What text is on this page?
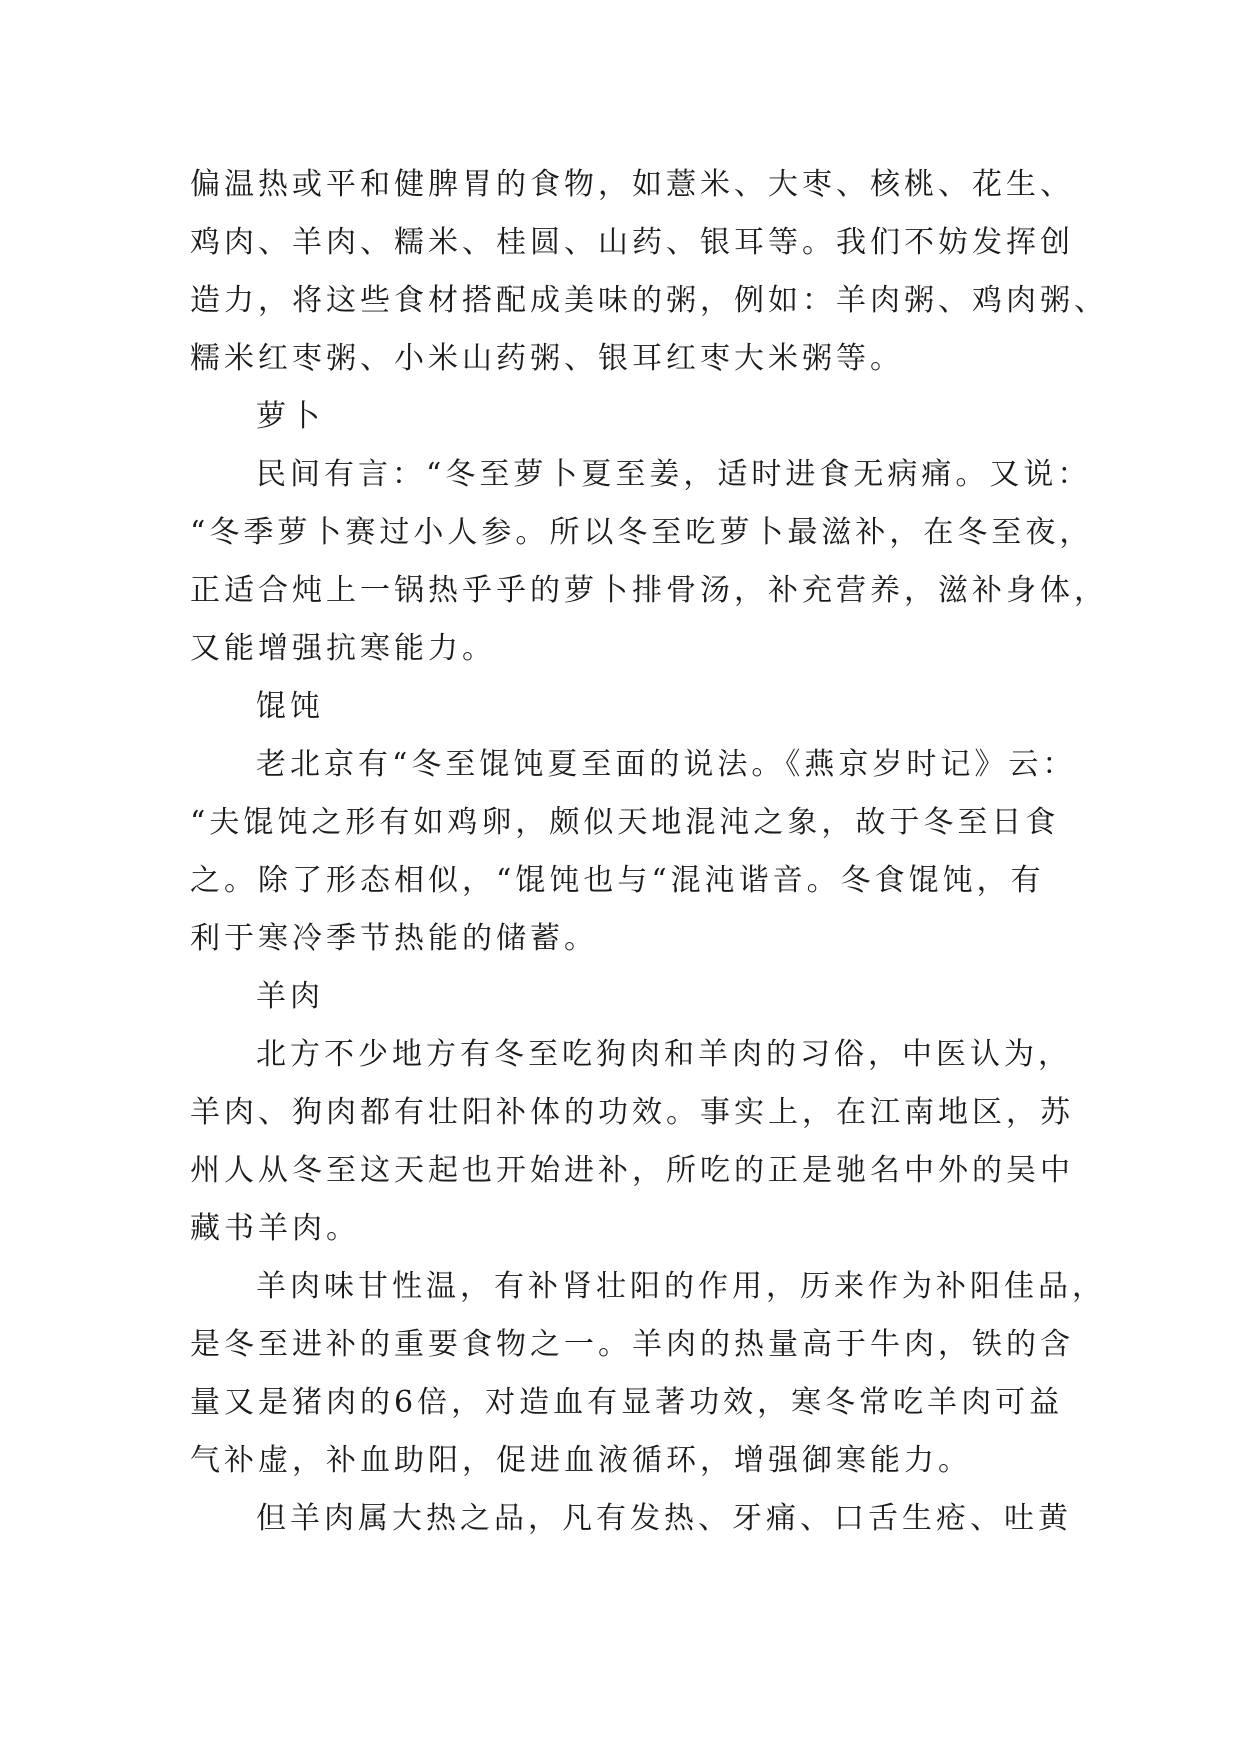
偏温热或平和健脾胃的食物，如薏米、大枣、核桃、花生、
鸡肉、羊肉、糯米、桂圆、山药、银耳等。我们不妨发挥创
造力，将这些食材搭配成美味的粥，例如：羊肉粥、鸡肉粥、
糯米红枣粥、小米山药粥、银耳红枣大米粥等。
萝卜
民间有言：“冬至萝卜夏至姜，适时进食无病痛。又说：
“冬季萝卜赛过小人参。所以冬至吃萝卜最滋补，在冬至夜，
正适合炖上一锅热乎乎的萝卜排骨汤，补充营养，滋补身体，
又能增强抗寒能力。
馄饨
老北京有“冬至馄饨夏至面的说法。《燕京岁时记》云：
“夫馄饨之形有如鸡卵，颇似天地混沌之象，故于冬至日食
之。除了形态相似，“馄饨也与“混沌谐音。冬食馄饨，有
利于寒冷季节热能的储蓄。
羊肉
北方不少地方有冬至吃狗肉和羊肉的习俗，中医认为，
羊肉、狗肉都有壮阳补体的功效。事实上，在江南地区，苏
州人从冬至这天起也开始进补，所吃的正是驰名中外的吴中
藏书羊肉。
羊肉味甘性温，有补肾壮阳的作用，历来作为补阳佳品，
是冬至进补的重要食物之一。羊肉的热量高于牛肉，铁的含
量又是猪肉的6倍，对造血有显著功效，寒冬常吃羊肉可益
气补虚，补血助阳，促进血液循环，增强御寒能力。
但羊肉属大热之品，凡有发热、牙痛、口舌生疮、吐黄
